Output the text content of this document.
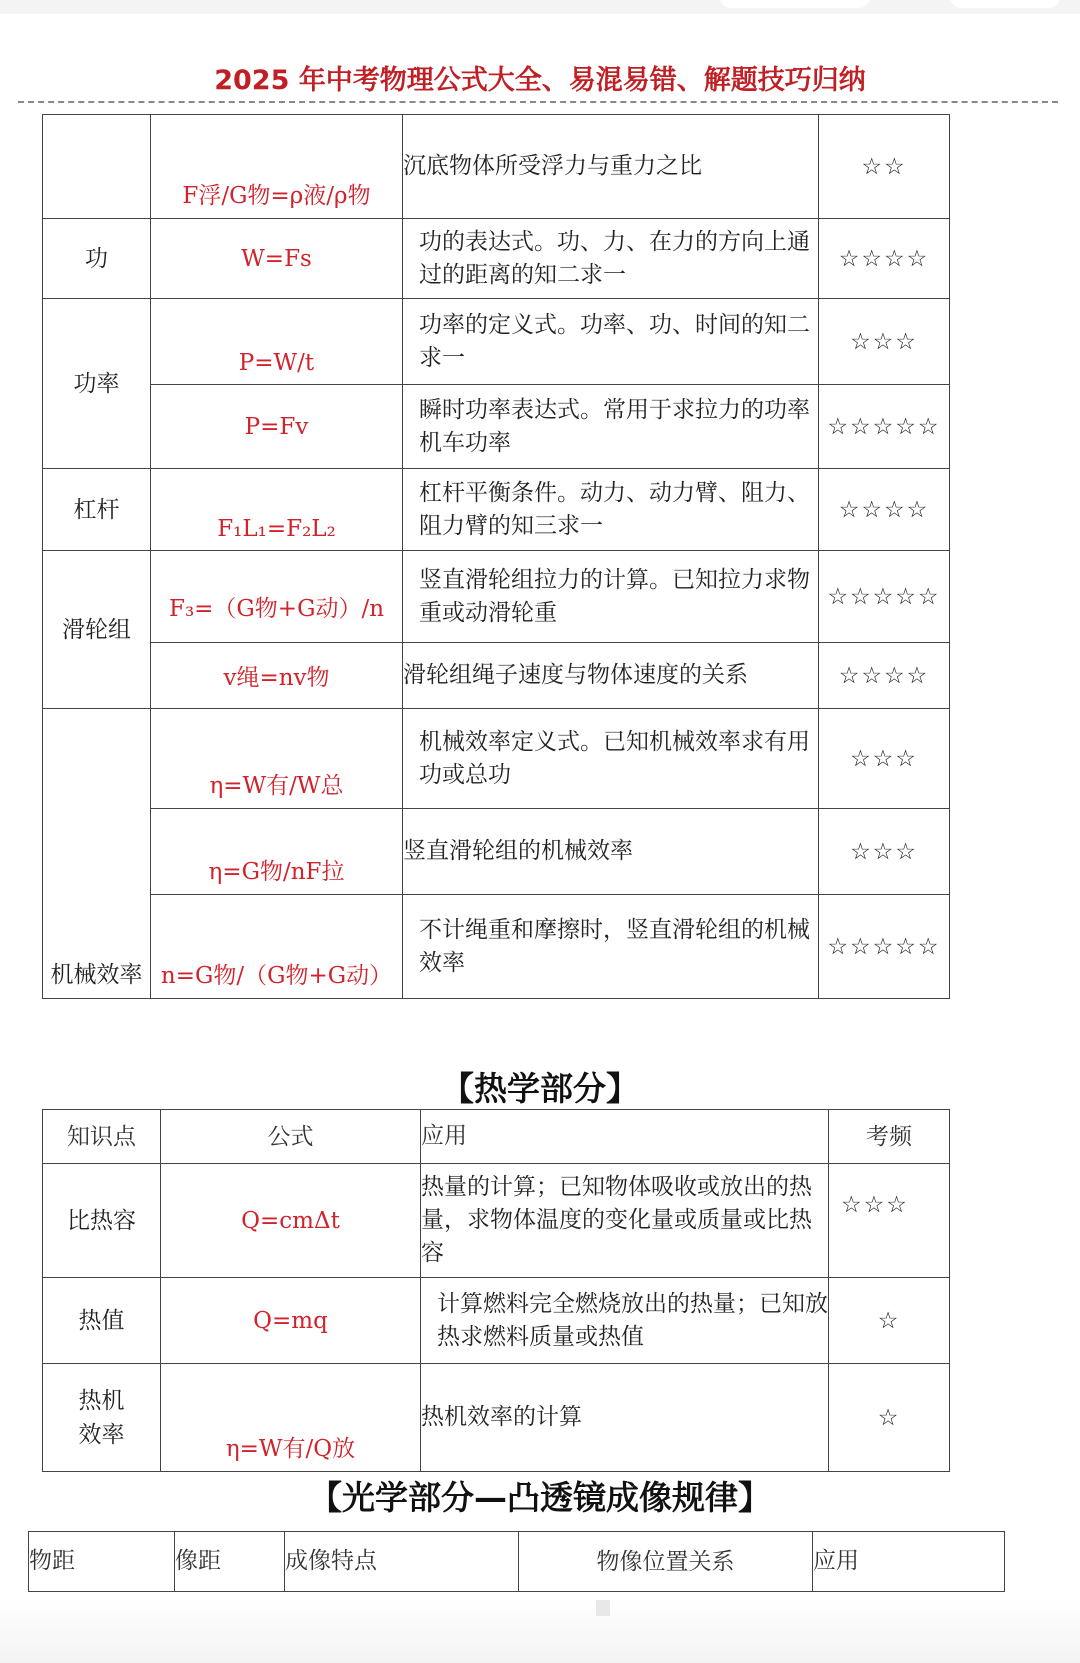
2025 年中考物理公式大全、易混易错、解题技巧归纳
	F浮/G物=ρ液/ρ物	沉底物体所受浮力与重力之比	☆☆
功	W=Fs	功的表达式。功、力、在力的方向上通过的距离的知二求一	☆☆☆☆
功率	P=W/t	功率的定义式。功率、功、时间的知二求一	☆☆☆
	P=Fv	瞬时功率表达式。常用于求拉力的功率机车功率	☆☆☆☆☆
杠杆	F₁L₁=F₂L₂	杠杆平衡条件。动力、动力臂、阻力、阻力臂的知三求一	☆☆☆☆
滑轮组	F₃=（G物+G动）/n	竖直滑轮组拉力的计算。已知拉力求物重或动滑轮重	☆☆☆☆☆
	v绳=nv物	滑轮组绳子速度与物体速度的关系	☆☆☆☆
机械效率	η=W有/W总	机械效率定义式。已知机械效率求有用功或总功	☆☆☆
	η=G物/nF拉	竖直滑轮组的机械效率	☆☆☆
	n=G物/（G物+G动）	不计绳重和摩擦时，竖直滑轮组的机械效率	☆☆☆☆☆
【热学部分】
知识点	公式	应用	考频
比热容	Q=cmΔt	热量的计算；已知物体吸收或放出的热量，求物体温度的变化量或质量或比热容	☆☆☆
热值	Q=mq	计算燃料完全燃烧放出的热量；已知放热求燃料质量或热值	☆
热机效率	η=W有/Q放	热机效率的计算	☆
【光学部分—凸透镜成像规律】
物距	像距	成像特点	物像位置关系	应用
